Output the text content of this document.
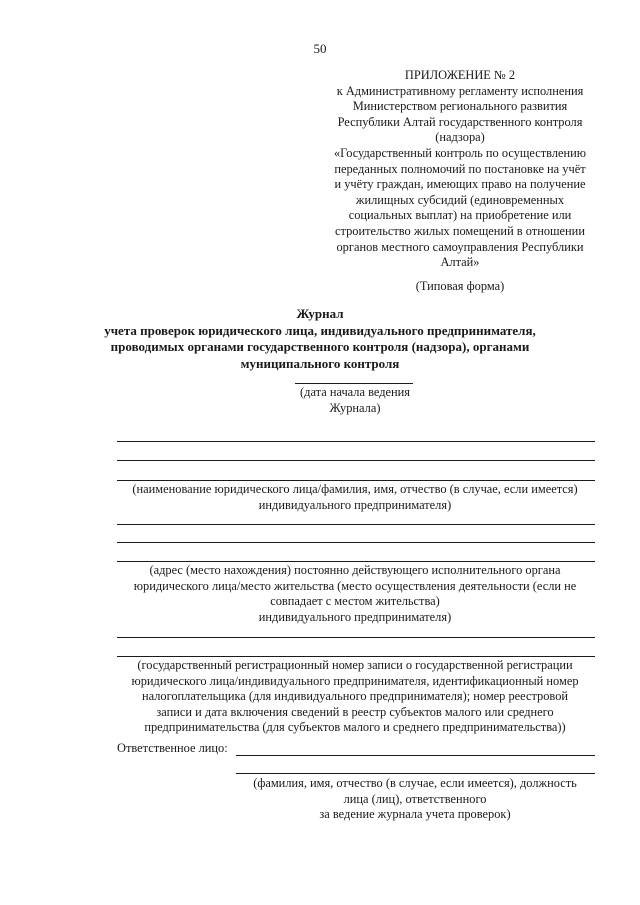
50
ПРИЛОЖЕНИЕ № 2
к Административному регламенту исполнения
Министерством регионального развития
Республики Алтай государственного контроля
(надзора)
«Государственный контроль по осуществлению
переданных полномочий по постановке на учёт
и учёту граждан, имеющих право на получение
жилищных субсидий (единовременных
социальных выплат) на приобретение или
строительство жилых помещений в отношении
органов местного самоуправления Республики
Алтай»
(Типовая форма)
Журнал
учета проверок юридического лица, индивидуального предпринимателя,
проводимых органами государственного контроля (надзора), органами
муниципального контроля
(дата начала ведения
Журнала)
(наименование юридического лица/фамилия, имя, отчество (в случае, если имеется)
индивидуального предпринимателя)
(адрес (место нахождения) постоянно действующего исполнительного органа
юридического лица/место жительства (место осуществления деятельности (если не
совпадает с местом жительства)
индивидуального предпринимателя)
(государственный регистрационный номер записи о государственной регистрации
юридического лица/индивидуального предпринимателя, идентификационный номер
налогоплательщика (для индивидуального предпринимателя); номер реестровой
записи и дата включения сведений в реестр субъектов малого или среднего
предпринимательства (для субъектов малого и среднего предпринимательства))
Ответственное лицо:
(фамилия, имя, отчество (в случае, если имеется), должность
лица (лиц), ответственного
за ведение журнала учета проверок)
